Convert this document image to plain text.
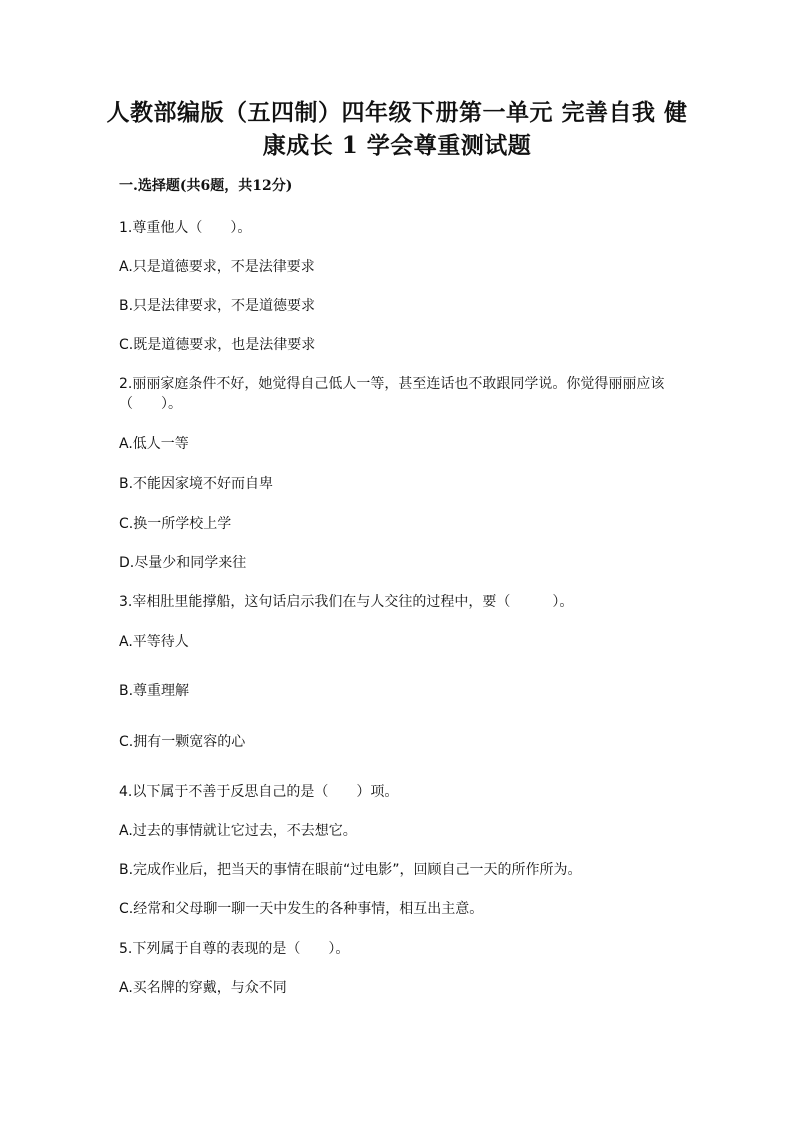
人教部编版（五四制）四年级下册第一单元 完善自我 健康成长 1 学会尊重测试题
一.选择题(共6题，共12分)
1.尊重他人（　　）。
A.只是道德要求，不是法律要求
B.只是法律要求，不是道德要求
C.既是道德要求，也是法律要求
2.丽丽家庭条件不好，她觉得自己低人一等，甚至连话也不敢跟同学说。你觉得丽丽应该（　　）。
A.低人一等
B.不能因家境不好而自卑
C.换一所学校上学
D.尽量少和同学来往
3.宰相肚里能撑船，这句话启示我们在与人交往的过程中，要（　　　）。
A.平等待人
B.尊重理解
C.拥有一颗宽容的心
4.以下属于不善于反思自己的是（　　）项。
A.过去的事情就让它过去，不去想它。
B.完成作业后，把当天的事情在眼前“过电影”，回顾自己一天的所作所为。
C.经常和父母聊一聊一天中发生的各种事情，相互出主意。
5.下列属于自尊的表现的是（　　）。
A.买名牌的穿戴，与众不同
